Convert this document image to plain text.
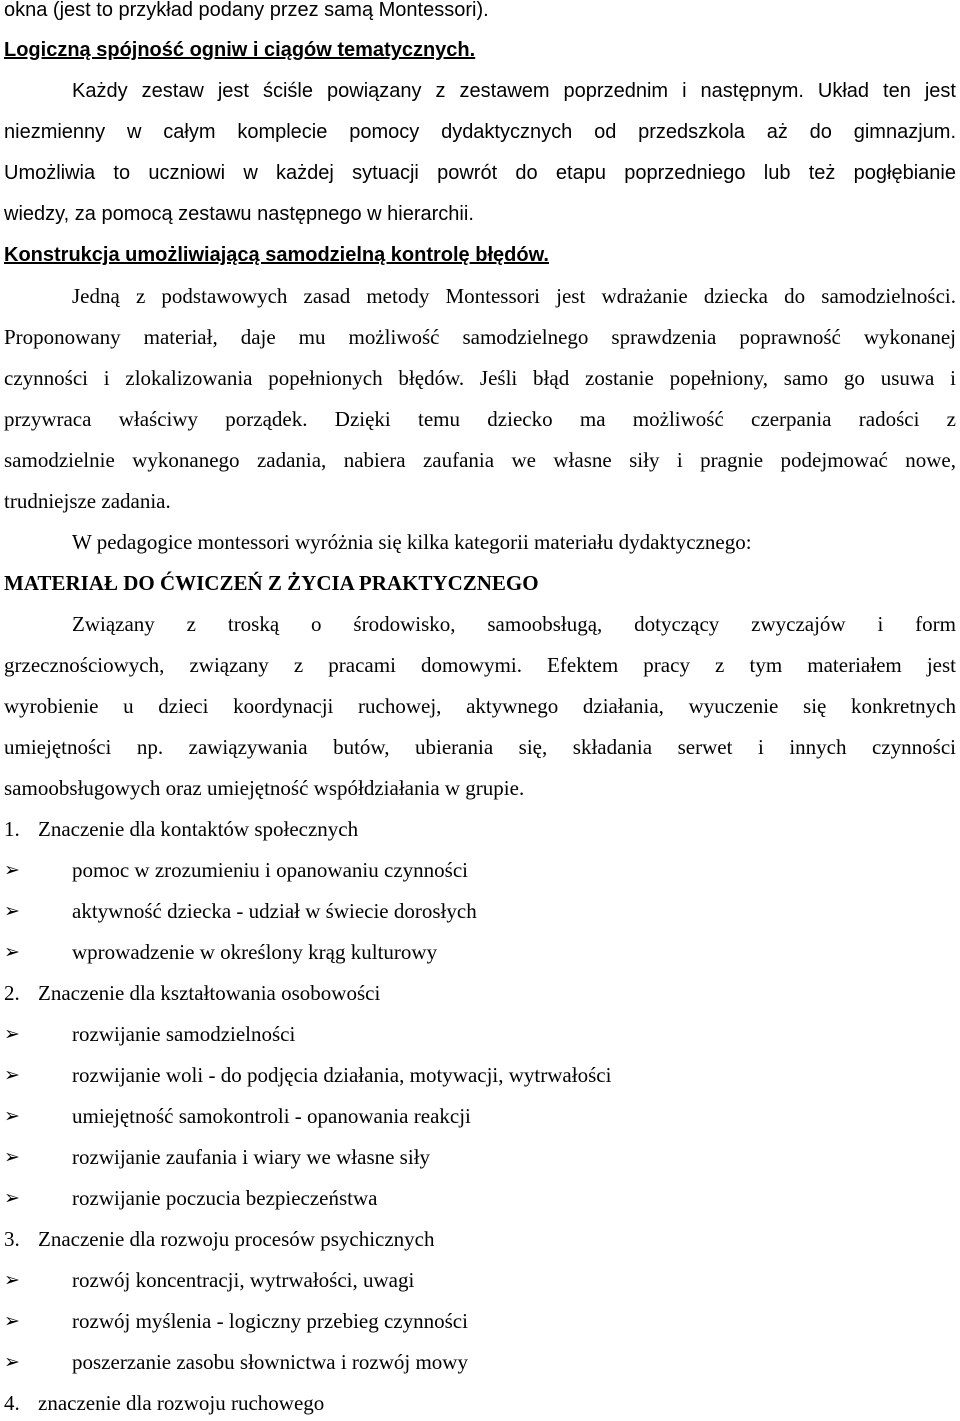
okna (jest to przykład podany przez samą Montessori).
Logiczną spójność ogniw i ciągów tematycznych.
Każdy zestaw jest ściśle powiązany z zestawem poprzednim i następnym. Układ ten jest
niezmienny w całym komplecie pomocy dydaktycznych od przedszkola aż do gimnazjum.
Umożliwia to uczniowi w każdej sytuacji powrót do etapu poprzedniego lub też pogłębianie
wiedzy, za pomocą zestawu następnego w hierarchii.
Konstrukcja umożliwiającą samodzielną kontrolę błędów.
Jedną z podstawowych zasad metody Montessori jest wdrażanie dziecka do samodzielności.
Proponowany materiał, daje mu możliwość samodzielnego sprawdzenia poprawność wykonanej
czynności i zlokalizowania popełnionych błędów. Jeśli błąd zostanie popełniony, samo go usuwa i
przywraca właściwy porządek. Dzięki temu dziecko ma możliwość czerpania radości z
samodzielnie wykonanego zadania, nabiera zaufania we własne siły i pragnie podejmować nowe,
trudniejsze zadania.
W pedagogice montessori wyróżnia się kilka kategorii materiału dydaktycznego:
MATERIAŁ DO ĆWICZEŃ Z ŻYCIA PRAKTYCZNEGO
Związany z troską o środowisko, samoobsługą, dotyczący zwyczajów i form
grzecznościowych, związany z pracami domowymi. Efektem pracy z tym materiałem jest
wyrobienie u dzieci koordynacji ruchowej, aktywnego działania, wyuczenie się konkretnych
umiejętności np. zawiązywania butów, ubierania się, składania serwet i innych czynności
samoobsługowych oraz umiejętność współdziałania w grupie.
1. Znaczenie dla kontaktów społecznych
➢ pomoc w zrozumieniu i opanowaniu czynności
➢ aktywność dziecka - udział w świecie dorosłych
➢ wprowadzenie w określony krąg kulturowy
2. Znaczenie dla kształtowania osobowości
➢ rozwijanie samodzielności
➢ rozwijanie woli - do podjęcia działania, motywacji, wytrwałości
➢ umiejętność samokontroli - opanowania reakcji
➢ rozwijanie zaufania i wiary we własne siły
➢ rozwijanie poczucia bezpieczeństwa
3. Znaczenie dla rozwoju procesów psychicznych
➢ rozwój koncentracji, wytrwałości, uwagi
➢ rozwój myślenia - logiczny przebieg czynności
➢ poszerzanie zasobu słownictwa i rozwój mowy
4. znaczenie dla rozwoju ruchowego
